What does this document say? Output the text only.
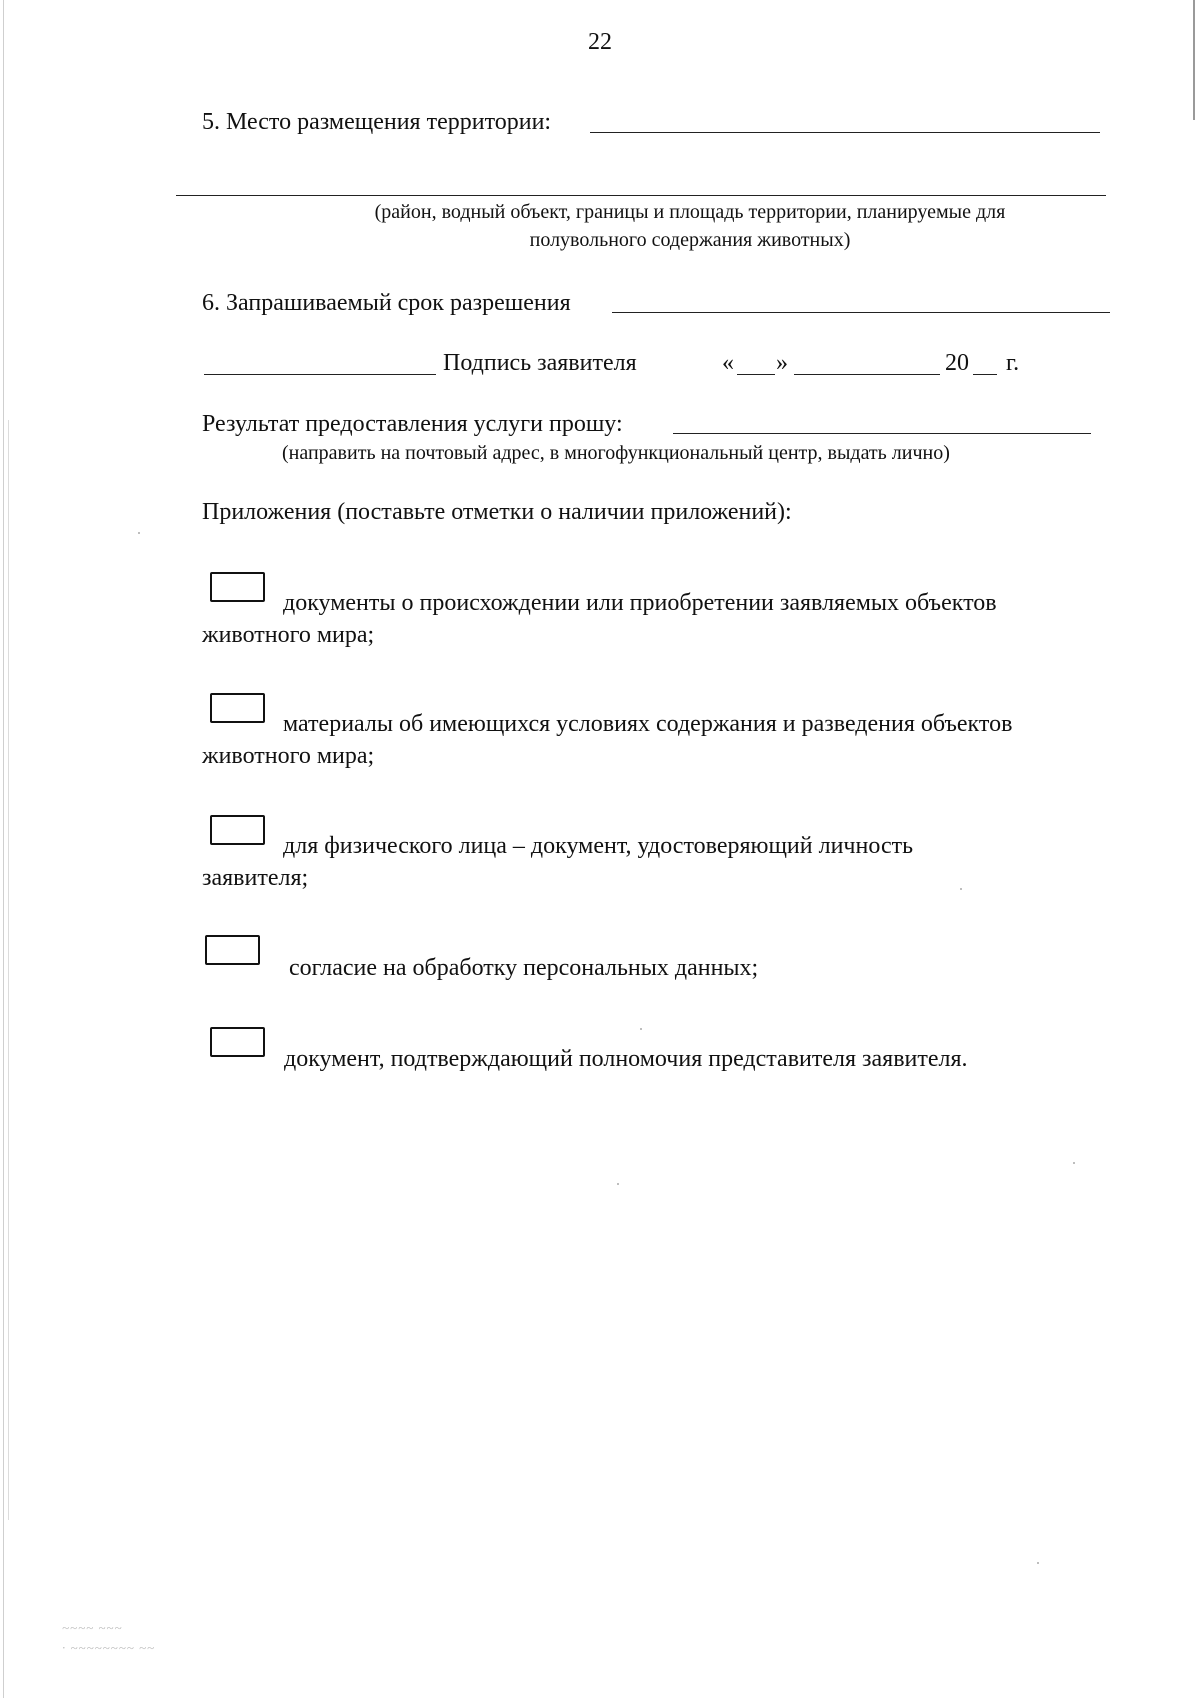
22
5. Место размещения территории:
(район, водный объект, границы и площадь территории, планируемые для
полувольного содержания животных)
6. Запрашиваемый срок разрешения
Подпись заявителя	« »	20 г.
Результат предоставления услуги прошу:
(направить на почтовый адрес, в многофункциональный центр, выдать лично)
Приложения (поставьте отметки о наличии приложений):
документы о происхождении или приобретении заявляемых объектов
животного мира;
материалы об имеющихся условиях содержания и разведения объектов
животного мира;
для физического лица – документ, удостоверяющий личность
заявителя;
согласие на обработку персональных данных;
документ, подтверждающий полномочия представителя заявителя.
~~~~ ~~~
· ~~~~~~~~ ~~
